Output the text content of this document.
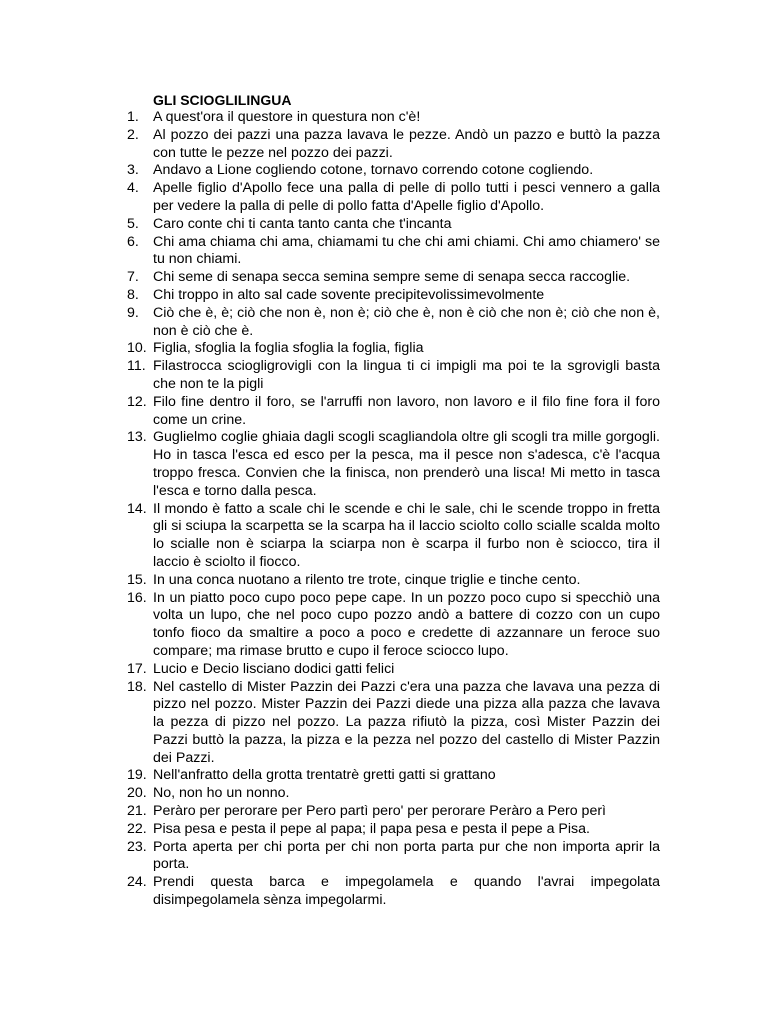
GLI SCIOGLILINGUA
1. A quest'ora il questore in questura non c'è!
2. Al pozzo dei pazzi una pazza lavava le pezze. Andò un pazzo e buttò la pazza con tutte le pezze nel pozzo dei pazzi.
3. Andavo a Lione cogliendo cotone, tornavo correndo cotone cogliendo.
4. Apelle figlio d'Apollo fece una palla di pelle di pollo tutti i pesci vennero a galla per vedere la palla di pelle di pollo fatta d'Apelle figlio d'Apollo.
5. Caro conte chi ti canta tanto canta che t'incanta
6. Chi ama chiama chi ama, chiamami tu che chi ami chiami. Chi amo chiamero' se tu non chiami.
7. Chi seme di senapa secca semina sempre seme di senapa secca raccoglie.
8. Chi troppo in alto sal cade sovente precipitevolissimevolmente
9. Ciò che è, è; ciò che non è, non è; ciò che è, non è ciò che non è; ciò che non è, non è ciò che è.
10. Figlia, sfoglia la foglia sfoglia la foglia, figlia
11. Filastrocca sciogligrovigli con la lingua ti ci impigli ma poi te la sgrovigli basta che non te la pigli
12. Filo fine dentro il foro, se l'arruffi non lavoro, non lavoro e il filo fine fora il foro come un crine.
13. Guglielmo coglie ghiaia dagli scogli scagliandola oltre gli scogli tra mille gorgogli. Ho in tasca l'esca ed esco per la pesca, ma il pesce non s'adesca, c'è l'acqua troppo fresca. Convien che la finisca, non prenderò una lisca! Mi metto in tasca l'esca e torno dalla pesca.
14. Il mondo è fatto a scale chi le scende e chi le sale, chi le scende troppo in fretta gli si sciupa la scarpetta se la scarpa ha il laccio sciolto collo scialle scalda molto lo scialle non è sciarpa la sciarpa non è scarpa il furbo non è sciocco, tira il laccio è sciolto il fiocco.
15. In una conca nuotano a rilento tre trote, cinque triglie e tinche cento.
16. In un piatto poco cupo poco pepe cape. In un pozzo poco cupo si specchiò una volta un lupo, che nel poco cupo pozzo andò a battere di cozzo con un cupo tonfo fioco da smaltire a poco a poco e credette di azzannare un feroce suo compare; ma rimase brutto e cupo il feroce sciocco lupo.
17. Lucio e Decio lisciano dodici gatti felici
18. Nel castello di Mister Pazzin dei Pazzi c'era una pazza che lavava una pezza di pizzo nel pozzo. Mister Pazzin dei Pazzi diede una pizza alla pazza che lavava la pezza di pizzo nel pozzo. La pazza rifiutò la pizza, così Mister Pazzin dei Pazzi buttò la pazza, la pizza e la pezza nel pozzo del castello di Mister Pazzin dei Pazzi.
19. Nell'anfratto della grotta trentatrè gretti gatti si grattano
20. No, non ho un nonno.
21. Peràro per perorare per Pero partì pero' per perorare Peràro a Pero perì
22. Pisa pesa e pesta il pepe al papa; il papa pesa e pesta il pepe a Pisa.
23. Porta aperta per chi porta per chi non porta parta pur che non importa aprir la porta.
24. Prendi questa barca e impegolamela e quando l'avrai impegolata disimpegolamela sènza impegolarmi.
